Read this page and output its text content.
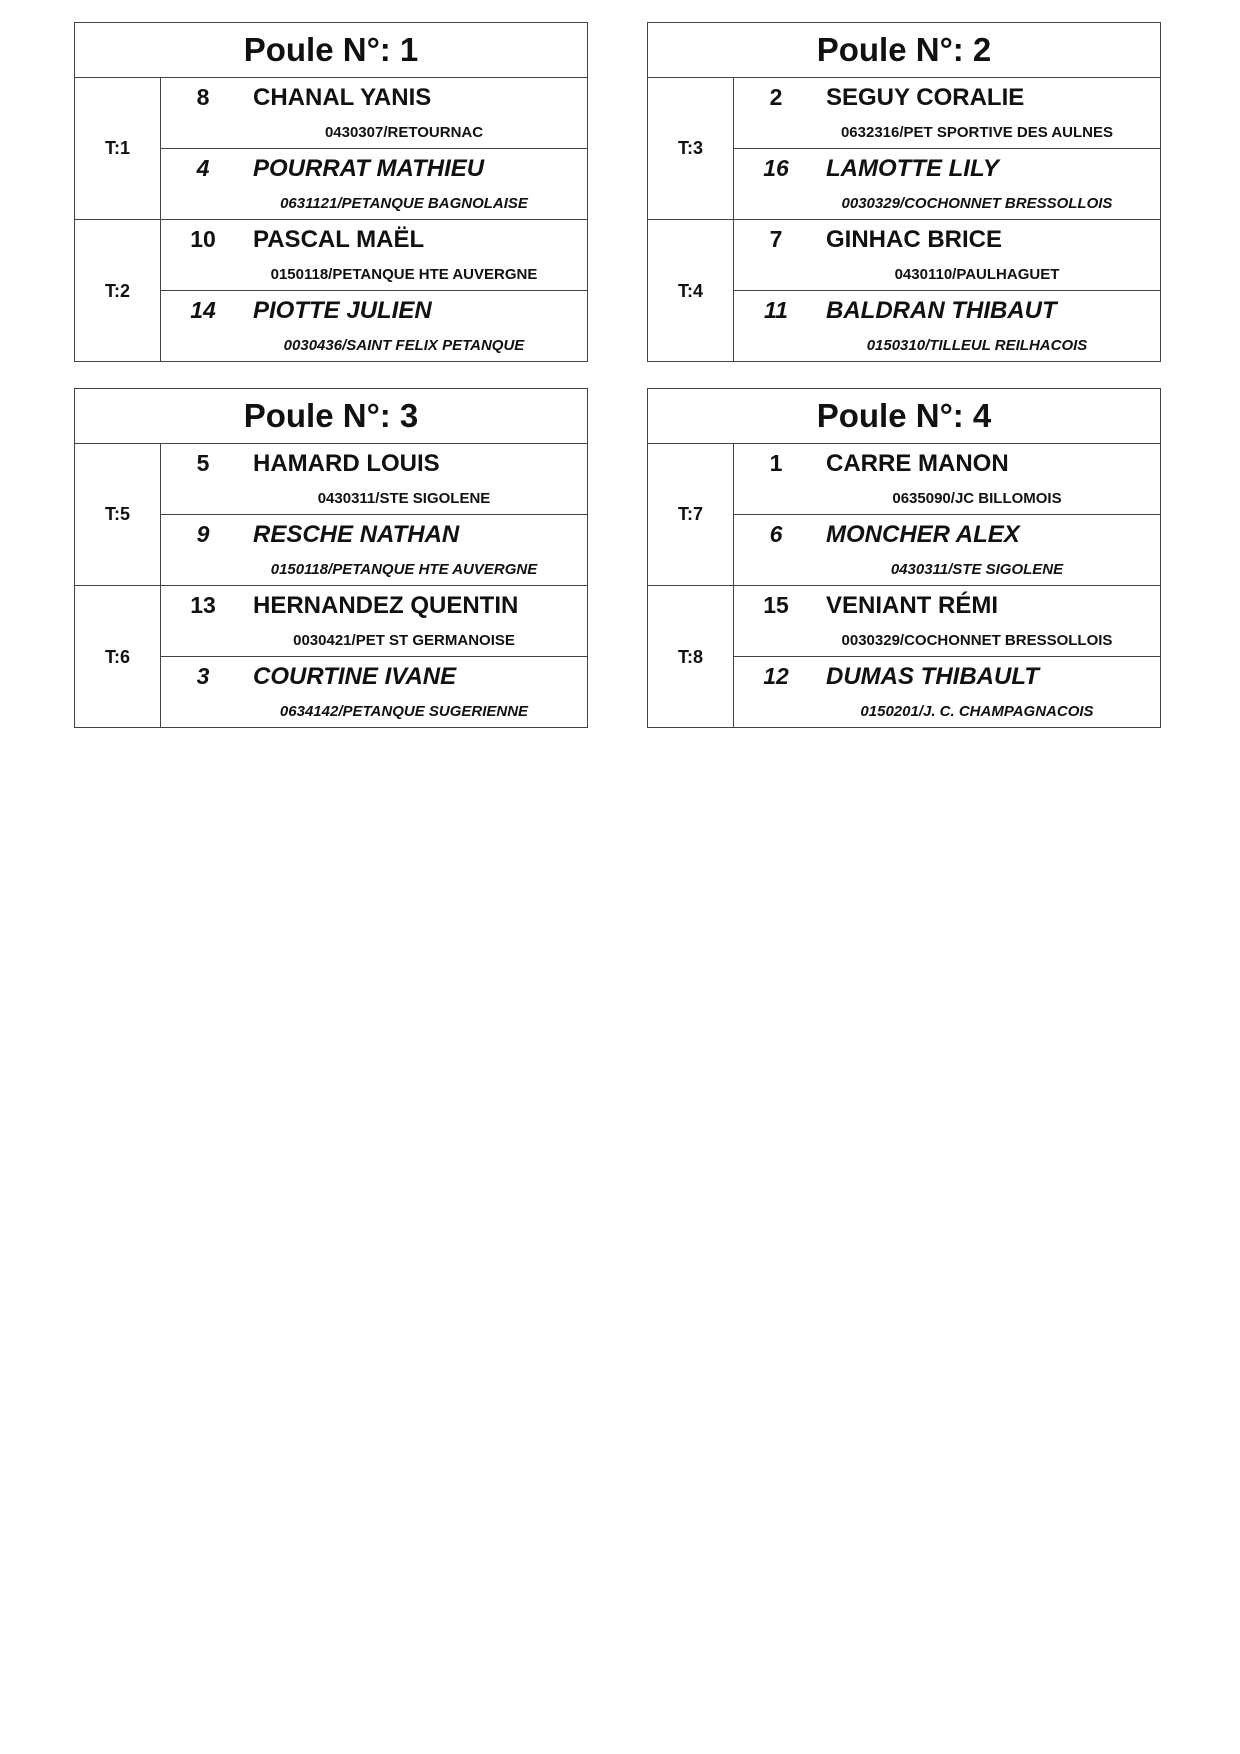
Poule N°: 1
T:1
8	CHANAL YANIS
0430307/RETOURNAC
4	POURRAT MATHIEU
0631121/PETANQUE BAGNOLAISE
T:2
10	PASCAL MAËL
0150118/PETANQUE HTE AUVERGNE
14	PIOTTE JULIEN
0030436/SAINT FELIX PETANQUE
Poule N°: 2
T:3
2	SEGUY CORALIE
0632316/PET SPORTIVE DES AULNES
16	LAMOTTE LILY
0030329/COCHONNET BRESSOLLOIS
T:4
7	GINHAC BRICE
0430110/PAULHAGUET
11	BALDRAN THIBAUT
0150310/TILLEUL REILHACOIS
Poule N°: 3
T:5
5	HAMARD LOUIS
0430311/STE SIGOLENE
9	RESCHE NATHAN
0150118/PETANQUE HTE AUVERGNE
T:6
13	HERNANDEZ QUENTIN
0030421/PET ST GERMANOISE
3	COURTINE IVANE
0634142/PETANQUE SUGERIENNE
Poule N°: 4
T:7
1	CARRE MANON
0635090/JC BILLOMOIS
6	MONCHER ALEX
0430311/STE SIGOLENE
T:8
15	VENIANT RÉMI
0030329/COCHONNET BRESSOLLOIS
12	DUMAS THIBAULT
0150201/J. C. CHAMPAGNACOIS
